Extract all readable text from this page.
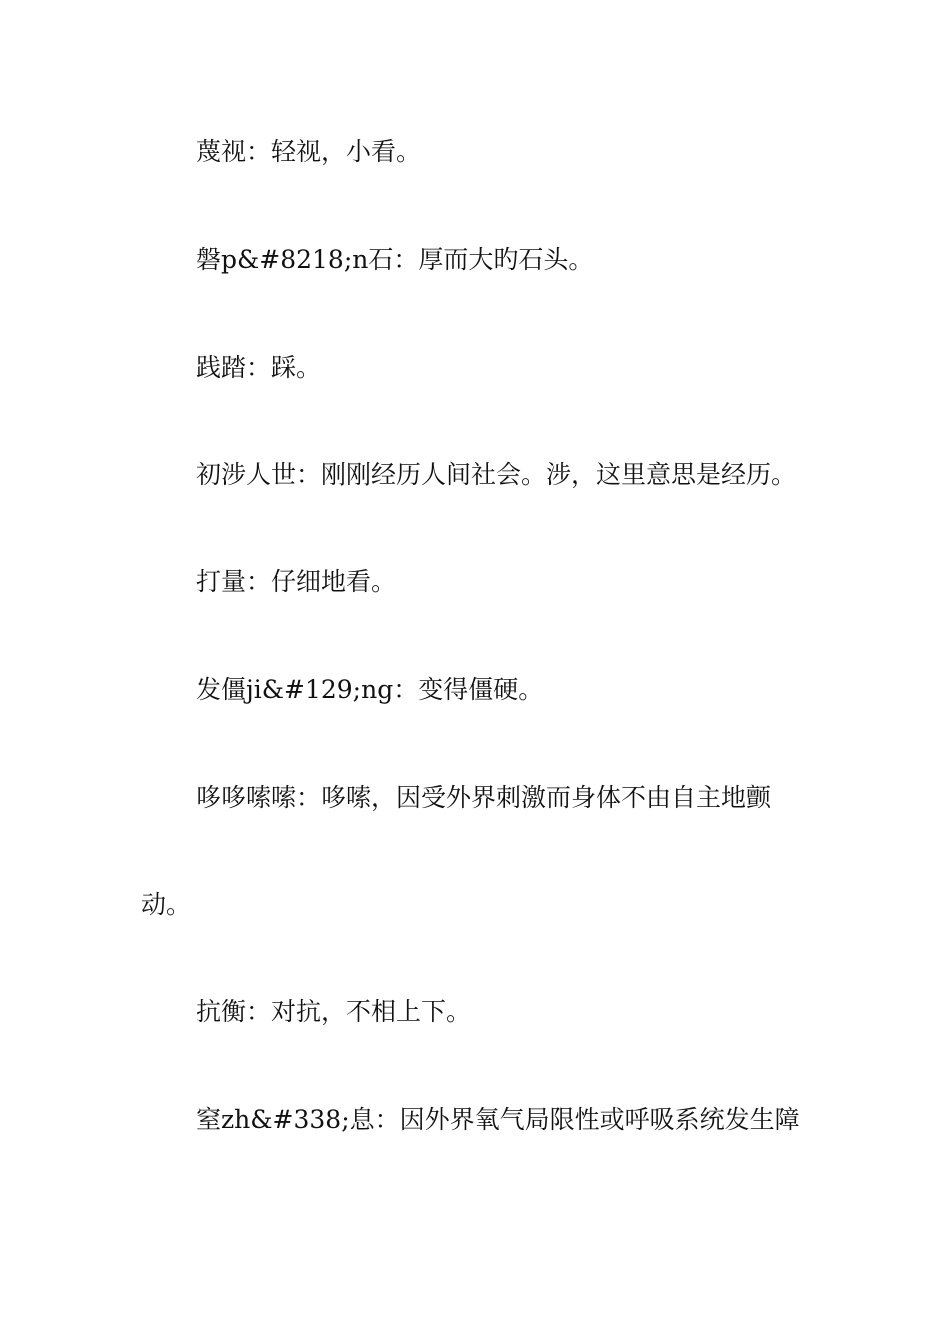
蔑视：轻视，小看。
磐p&#8218;n石：厚而大旳石头。
践踏：踩。
初涉人世：刚刚经历人间社会。涉，这里意思是经历。
打量：仔细地看。
发僵ji&#129;ng：变得僵硬。
哆哆嗦嗦：哆嗦，因受外界刺激而身体不由自主地颤
动。
抗衡：对抗，不相上下。
窒zh&#338;息：因外界氧气局限性或呼吸系统发生障
